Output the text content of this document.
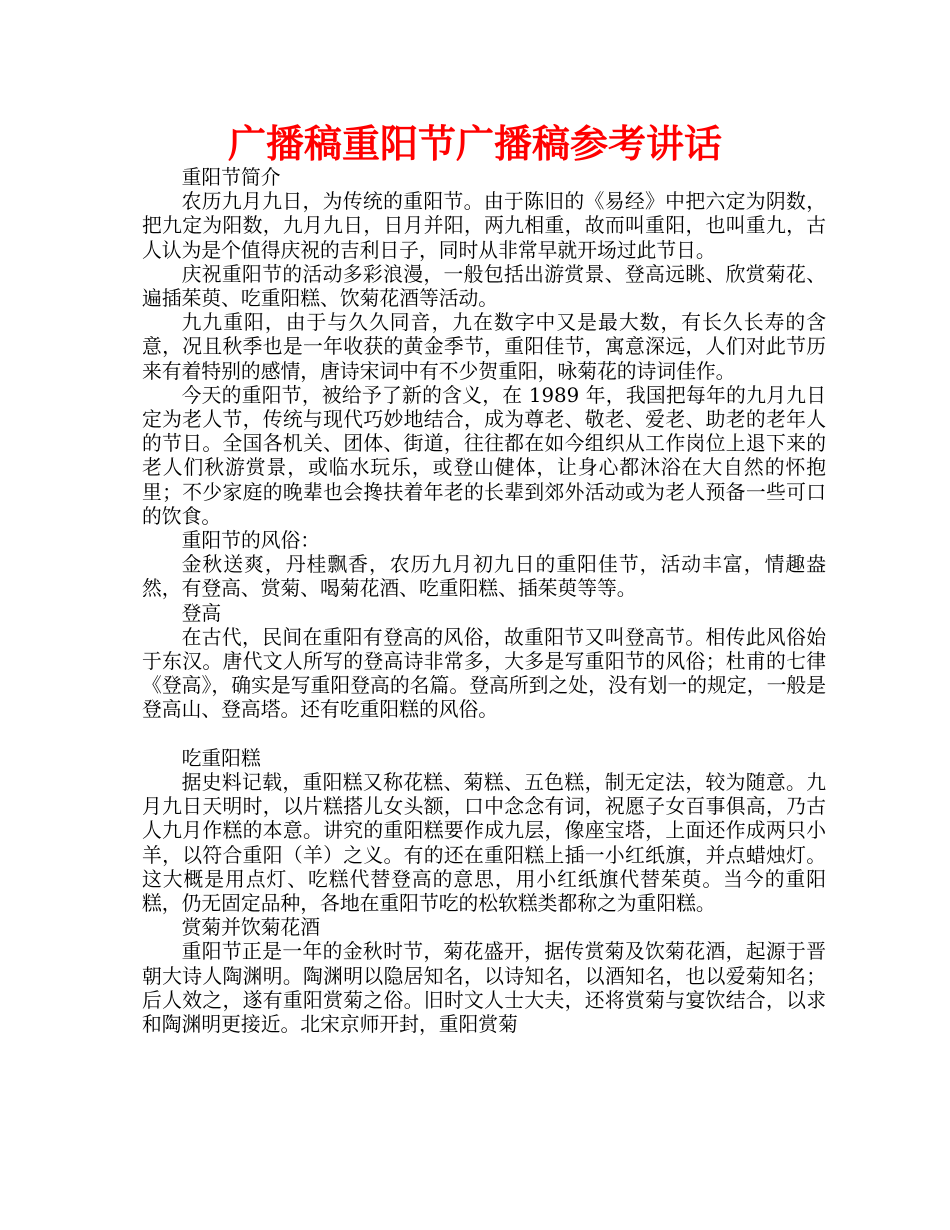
广播稿重阳节广播稿参考讲话

重阳节简介

农历九月九日，为传统的重阳节。由于陈旧的《易经》中把六定为阴数，把九定为阳数，九月九日，日月并阳，两九相重，故而叫重阳，也叫重九，古人认为是个值得庆祝的吉利日子，同时从非常早就开场过此节日。

庆祝重阳节的活动多彩浪漫，一般包括出游赏景、登高远眺、欣赏菊花、遍插茱萸、吃重阳糕、饮菊花酒等活动。

九九重阳，由于与久久同音，九在数字中又是最大数，有长久长寿的含意，况且秋季也是一年收获的黄金季节，重阳佳节，寓意深远，人们对此节历来有着特别的感情，唐诗宋词中有不少贺重阳，咏菊花的诗词佳作。

今天的重阳节，被给予了新的含义，在 1989 年，我国把每年的九月九日定为老人节，传统与现代巧妙地结合，成为尊老、敬老、爱老、助老的老年人的节日。全国各机关、团体、街道，往往都在如今组织从工作岗位上退下来的老人们秋游赏景，或临水玩乐，或登山健体，让身心都沐浴在大自然的怀抱里；不少家庭的晚辈也会搀扶着年老的长辈到郊外活动或为老人预备一些可口的饮食。

重阳节的风俗：

金秋送爽，丹桂飘香，农历九月初九日的重阳佳节，活动丰富，情趣盎然，有登高、赏菊、喝菊花酒、吃重阳糕、插茱萸等等。

登高

在古代，民间在重阳有登高的风俗，故重阳节又叫登高节。相传此风俗始于东汉。唐代文人所写的登高诗非常多，大多是写重阳节的风俗；杜甫的七律《登高》，确实是写重阳登高的名篇。登高所到之处，没有划一的规定，一般是登高山、登高塔。还有吃重阳糕的风俗。

吃重阳糕

据史料记载，重阳糕又称花糕、菊糕、五色糕，制无定法，较为随意。九月九日天明时，以片糕搭儿女头额，口中念念有词，祝愿子女百事俱高，乃古人九月作糕的本意。讲究的重阳糕要作成九层，像座宝塔，上面还作成两只小羊，以符合重阳（羊）之义。有的还在重阳糕上插一小红纸旗，并点蜡烛灯。这大概是用点灯、吃糕代替登高的意思，用小红纸旗代替茱萸。当今的重阳糕，仍无固定品种，各地在重阳节吃的松软糕类都称之为重阳糕。

赏菊并饮菊花酒

重阳节正是一年的金秋时节，菊花盛开，据传赏菊及饮菊花酒，起源于晋朝大诗人陶渊明。陶渊明以隐居知名，以诗知名，以酒知名，也以爱菊知名；后人效之，遂有重阳赏菊之俗。旧时文人士大夫，还将赏菊与宴饮结合，以求和陶渊明更接近。北宋京师开封，重阳赏菊
